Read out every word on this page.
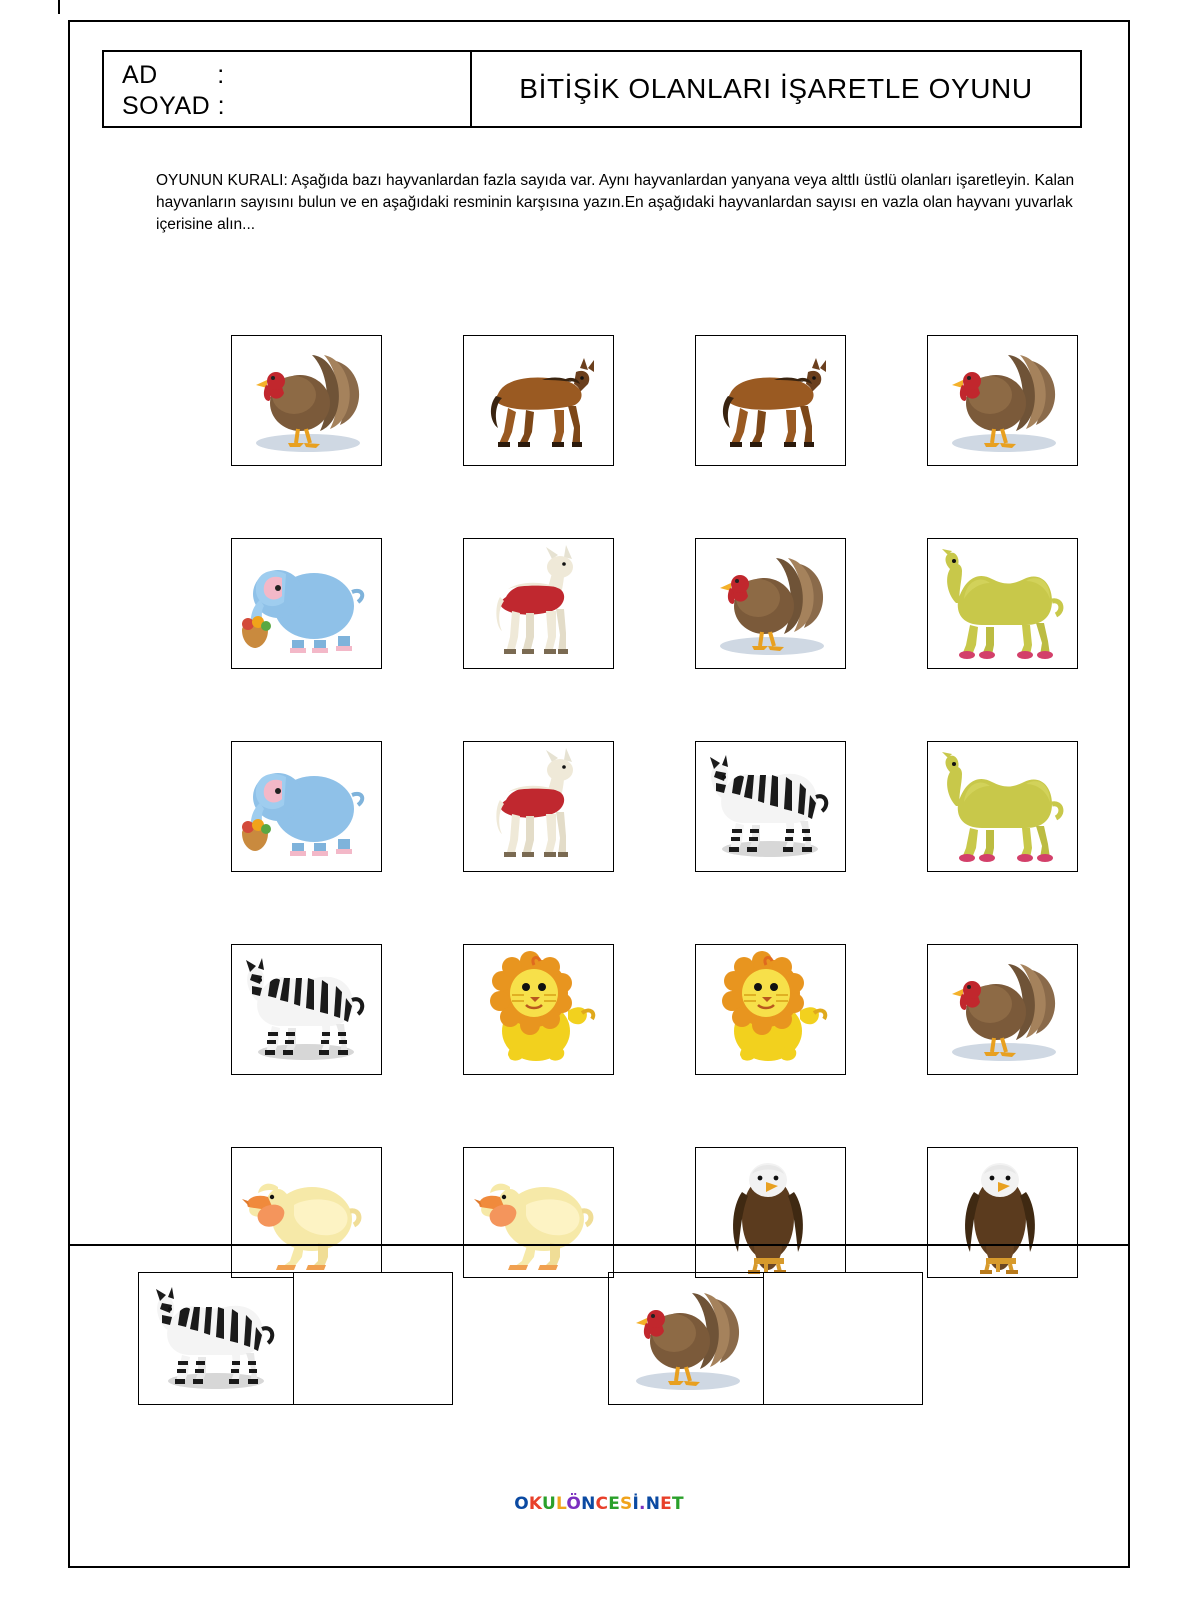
AD        :
SOYAD :
BİTİŞİK OLANLARI İŞARETLE OYUNU
OYUNUN KURALI: Aşağıda bazı hayvanlardan fazla sayıda var. Aynı hayvanlardan yanyana veya alttlı üstlü olanları işaretleyin. Kalan hayvanların sayısını bulun ve en aşağıdaki resminin karşısına yazın.En aşağıdaki hayvanlardan sayısı en vazla olan hayvanı yuvarlak içerisine alın...
OKULÖNCESİ.NET
